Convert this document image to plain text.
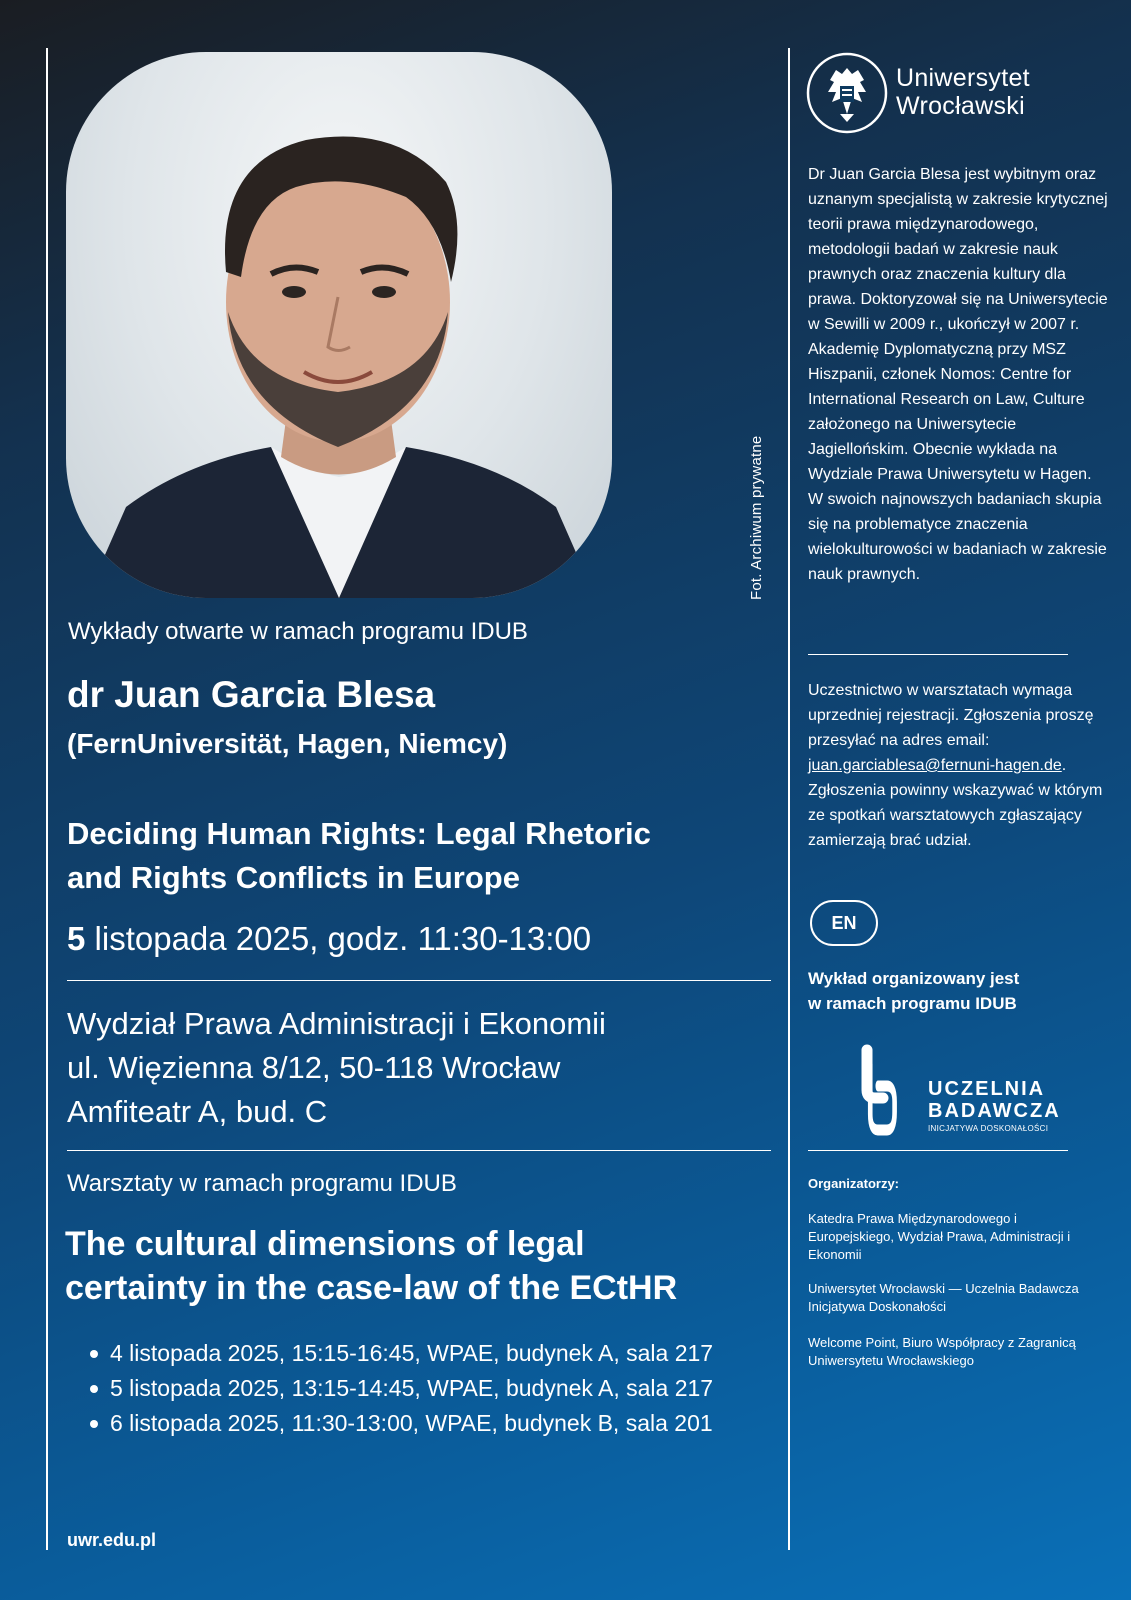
Fot. Archiwum prywatne

Wykłady otwarte w ramach programu IDUB

dr Juan Garcia Blesa

(FernUniversität, Hagen, Niemcy)

Deciding Human Rights: Legal Rhetoric
and Rights Conflicts in Europe

5 listopada 2025, godz. 11:30-13:00

Wydział Prawa Administracji i Ekonomii
ul. Więzienna 8/12, 50-118 Wrocław
Amfiteatr A, bud. C

Warsztaty w ramach programu IDUB

The cultural dimensions of legal
certainty in the case-law of the ECtHR
4 listopada 2025, 15:15-16:45, WPAE, budynek A, sala 217
5 listopada 2025, 13:15-14:45, WPAE, budynek A, sala 217
6 listopada 2025, 11:30-13:00, WPAE, budynek B, sala 201

uwr.edu.pl

Uniwersytet
Wrocławski

Dr Juan Garcia Blesa jest wybitnym oraz uznanym specjalistą w zakresie krytycznej teorii prawa międzynarodowego, metodologii badań w zakresie nauk prawnych oraz znaczenia kultury dla prawa. Doktoryzował się na Uniwersytecie w Sewilli w 2009 r., ukończył w 2007 r. Akademię Dyplomatyczną przy MSZ Hiszpanii, członek Nomos: Centre for International Research on Law, Culture założonego na Uniwersytecie Jagiellońskim. Obecnie wykłada na Wydziale Prawa Uniwersytetu w Hagen. W swoich najnowszych badaniach skupia się na problematyce znaczenia wielokulturowości w badaniach w zakresie nauk prawnych.

Uczestnictwo w warsztatach wymaga uprzedniej rejestracji. Zgłoszenia proszę przesyłać na adres email: juan.garciablesa@fernuni-hagen.de. Zgłoszenia powinny wskazywać w którym ze spotkań warsztatowych zgłaszający zamierzają brać udział.

EN
Wykład organizowany jest
w ramach programu IDUB

UCZELNIA

BADAWCZA

INICJATYWA DOSKONAŁOŚCI

Organizatorzy:

Katedra Prawa Międzynarodowego i Europejskiego, Wydział Prawa, Administracji i Ekonomii

Uniwersytet Wrocławski — Uczelnia Badawcza Inicjatywa Doskonałości

Welcome Point, Biuro Współpracy z Zagranicą Uniwersytetu Wrocławskiego
